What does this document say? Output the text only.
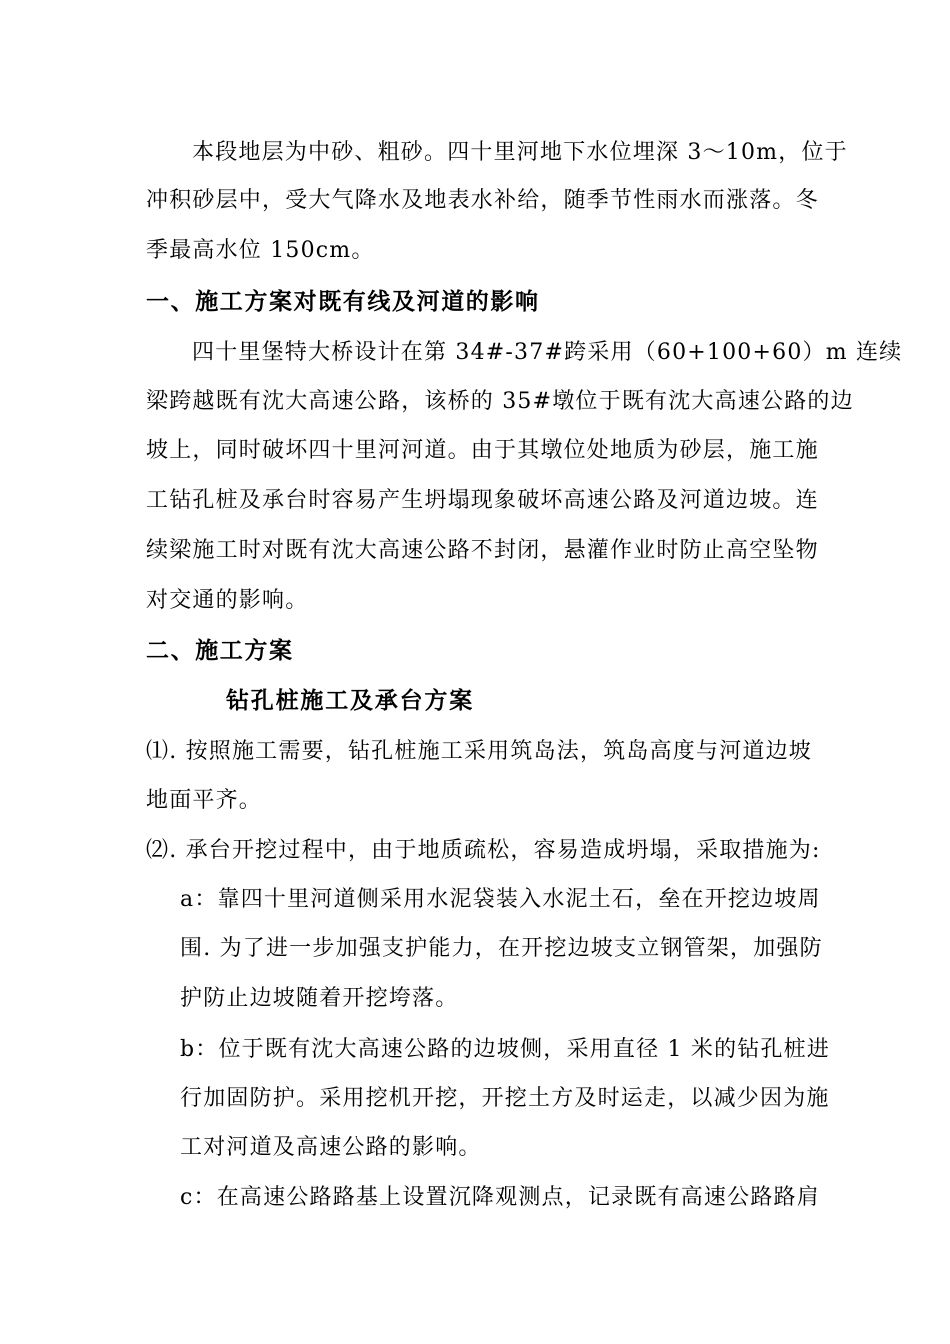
本段地层为中砂、粗砂。四十里河地下水位埋深 3～10m，位于
冲积砂层中，受大气降水及地表水补给，随季节性雨水而涨落。冬
季最高水位 150cm。
一、施工方案对既有线及河道的影响
四十里堡特大桥设计在第 34#-37#跨采用（60+100+60）m 连续
梁跨越既有沈大高速公路，该桥的 35#墩位于既有沈大高速公路的边
坡上，同时破坏四十里河河道。由于其墩位处地质为砂层，施工施
工钻孔桩及承台时容易产生坍塌现象破坏高速公路及河道边坡。连
续梁施工时对既有沈大高速公路不封闭，悬灌作业时防止高空坠物
对交通的影响。
二、施工方案
钻孔桩施工及承台方案
⑴. 按照施工需要，钻孔桩施工采用筑岛法，筑岛高度与河道边坡
地面平齐。
⑵. 承台开挖过程中，由于地质疏松，容易造成坍塌，采取措施为:
a：靠四十里河道侧采用水泥袋装入水泥土石，垒在开挖边坡周
围. 为了进一步加强支护能力，在开挖边坡支立钢管架，加强防
护防止边坡随着开挖垮落。
b：位于既有沈大高速公路的边坡侧，采用直径 1 米的钻孔桩进
行加固防护。采用挖机开挖，开挖土方及时运走，以减少因为施
工对河道及高速公路的影响。
c：在高速公路路基上设置沉降观测点，记录既有高速公路路肩
